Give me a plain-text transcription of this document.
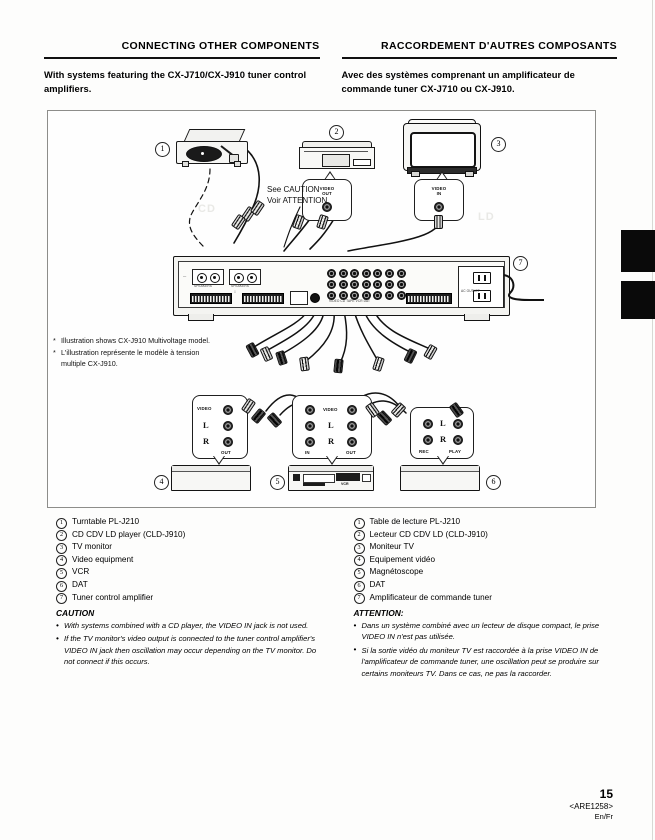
CONNECTING OTHER COMPONENTS	RACCORDEMENT D'AUTRES COMPOSANTS
With systems featuring the CX-J710/CX-J910 tuner control amplifiers.
Avec des systèmes comprenant un amplificateur de commande tuner CX-J710 ou CX-J910.
CD
LD
1
2
3
VIDEO
OUT
VIDEO
IN
See CAUTION
Voir ATTENTION
—
SPEAKERS	SPEAKERS
⌷
VIDEO CD TAPE VCR DAT
AC OUTLET
7
VIDEO
L
R
OUT
4
VIDEO
L
R
IN	OUT
VCR
5
L
R
REC	PLAY
6
* Illustration shows CX-J910 Multivoltage model.
* L'illustration représente le modèle à tension
multiple CX-J910.
1	Turntable PL-J210
2	CD CDV LD player (CLD-J910)
3	TV monitor
4	Video equipment
5	VCR
6	DAT
7	Tuner control amplifier
1	Table de lecture PL-J210
2	Lecteur CD CDV LD (CLD-J910)
3	Moniteur TV
4	Equipement vidéo
5	Magnétoscope
6	DAT
7	Amplificateur de commande tuner
CAUTION
• With systems combined with a CD player, the VIDEO IN jack is not used.
• If the TV monitor's video output is connected to the tuner control amplifier's VIDEO IN jack then oscillation may occur depending on the TV monitor. Do not connect if this occurs.
ATTENTION:
• Dans un système combiné avec un lecteur de disque compact, le prise VIDEO IN n'est pas utilisée.
• Si la sortie vidéo du moniteur TV est raccordée à la prise VIDEO IN de l'amplificateur de commande tuner, une oscillation peut se produire sur certains moniteurs TV. Dans ce cas, ne pas la raccorder.
15
<ARE1258>
En/Fr
